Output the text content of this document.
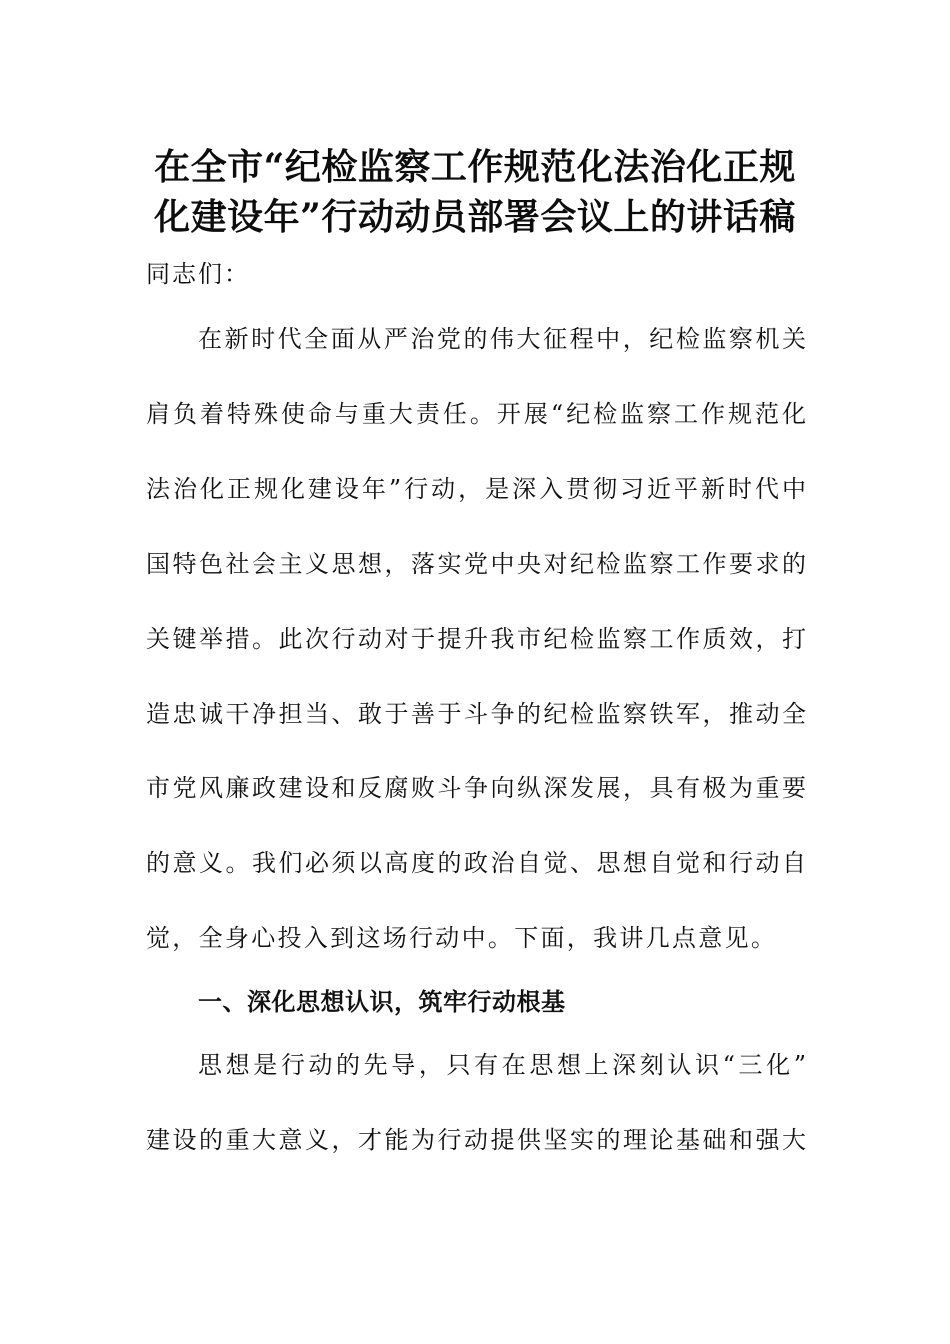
在全市“纪检监察工作规范化法治化正规
化建设年”行动动员部署会议上的讲话稿
同志们：
在新时代全面从严治党的伟大征程中，纪检监察机关
肩负着特殊使命与重大责任。开展“纪检监察工作规范化
法治化正规化建设年”行动，是深入贯彻习近平新时代中
国特色社会主义思想，落实党中央对纪检监察工作要求的
关键举措。此次行动对于提升我市纪检监察工作质效，打
造忠诚干净担当、敢于善于斗争的纪检监察铁军，推动全
市党风廉政建设和反腐败斗争向纵深发展，具有极为重要
的意义。我们必须以高度的政治自觉、思想自觉和行动自
觉，全身心投入到这场行动中。下面，我讲几点意见。
一、深化思想认识，筑牢行动根基
思想是行动的先导，只有在思想上深刻认识“三化”
建设的重大意义，才能为行动提供坚实的理论基础和强大
